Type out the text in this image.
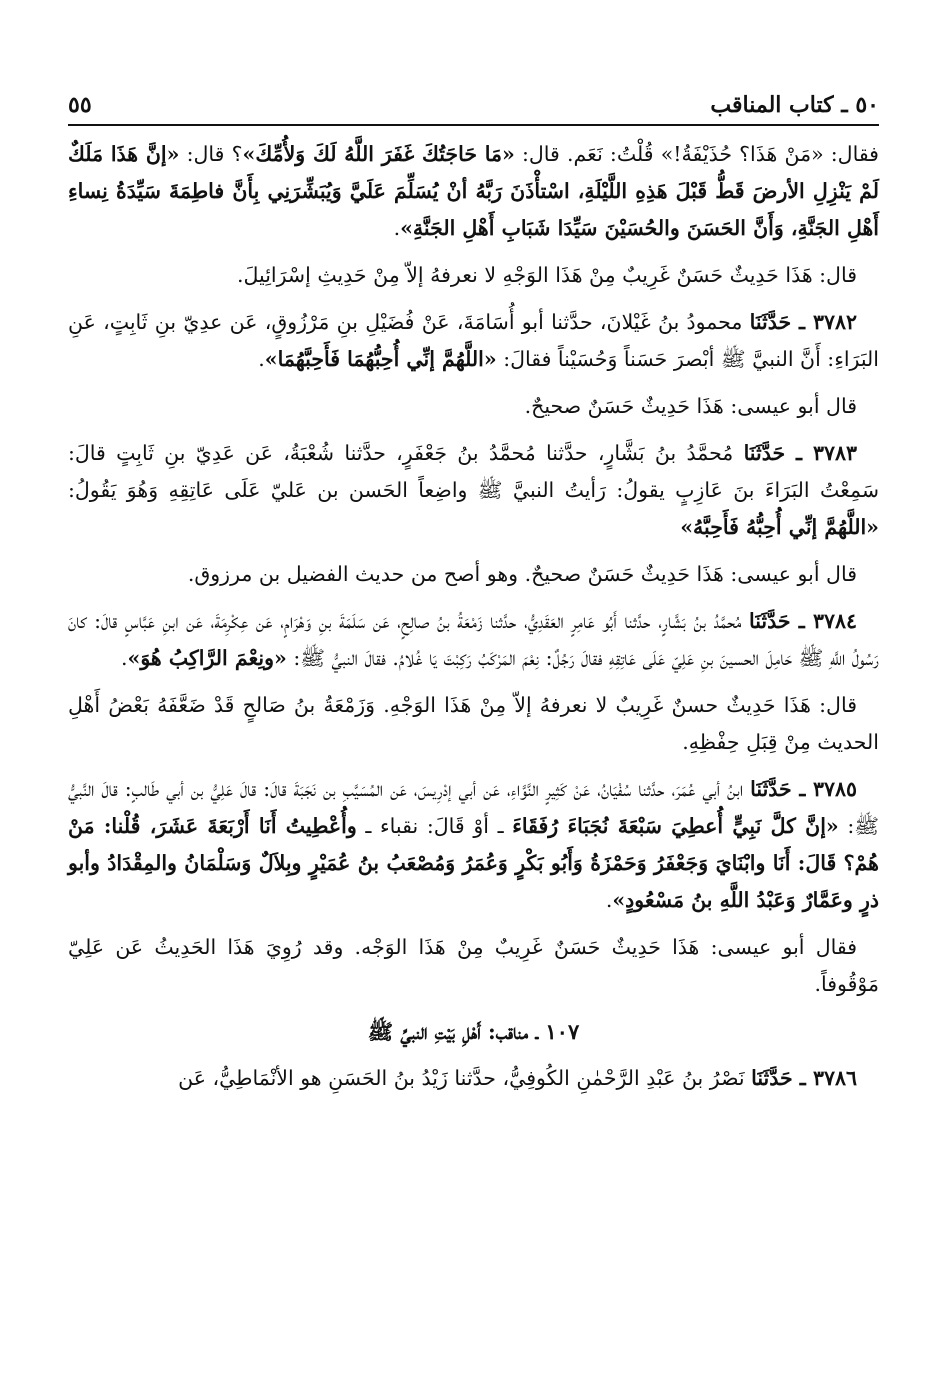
٥٠ ـ كتاب المناقب
٥٥

فقال: «مَنْ هَذَا؟ حُذَيْفَةُ!» قُلْتُ: نَعَم. قال: «مَا حَاجَتُكَ غَفَرَ اللَّهُ لَكَ وَلأُمِّكَ»؟ قال: «إنَّ هَذَا مَلَكٌ لَمْ يَنْزِلِ الأرضَ قَطُّ قَبْلَ هَذِهِ اللَّيْلَةِ، اسْتأْذَنَ رَبَّهُ أنْ يُسَلِّمَ عَلَيَّ وَيُبَشِّرَنِي بِأَنَّ فاطِمَةَ سَيِّدَةُ نِساءِ أَهْلِ الجَنَّةِ، وَأَنَّ الحَسَنَ والحُسَيْنَ سَيِّدَا شَبَابِ أَهْلِ الجَنَّةِ».

قال: هَذَا حَدِيثٌ حَسَنٌ غَرِيبٌ مِنْ هَذَا الوَجْهِ لا نعرفهُ إلاّ مِنْ حَدِيثِ إسْرَائِيلَ.

٣٧٨٢ ـ حَدَّثَنَا محمودُ بنُ غَيْلانَ، حدَّثنا أبو أُسَامَةَ، عَنْ فُضَيْلِ بنِ مَرْزُوقٍ، عَن عدِيّ بنِ ثَابِتٍ، عَنِ البَرَاءِ: أَنَّ النبيَّ ﷺ أبْصرَ حَسَناً وَحُسَيْناً فقالَ: «اللَّهُمَّ إنِّي أُحِبُّهُمَا فَأَحِبَّهُمَا».

قال أبو عيسى: هَذَا حَدِيثٌ حَسَنٌ صحيحٌ.

٣٧٨٣ ـ حَدَّثَنَا مُحمَّدُ بنُ بَشَّارٍ، حدَّثنا مُحمَّدُ بنُ جَعْفَرٍ، حدَّثنا شُعْبَةُ، عَن عَدِيّ بنِ ثَابِتٍ قالَ: سَمِعْتُ البَرَاءَ بنَ عَازِبٍ يقولُ: رَأيتُ النبيَّ ﷺ واضِعاً الحَسن بن عَليّ عَلَى عَاتِقِهِ وَهُوَ يَقُولُ: «اللَّهُمَّ إنِّي أُحِبُّهُ فَأَحِبَّهُ»

قال أبو عيسى: هَذَا حَدِيثٌ حَسَنٌ صحيحٌ. وهو أصح من حديث الفضيل بن مرزوق.

٣٧٨٤ ـ حَدَّثَنَا مُحمَّدُ بنُ بَشَّارٍ، حدَّثنا أَبُو عَامِرٍ العَقَدِيُّ، حدَّثنا زَمْعَةُ بنُ صالِحٍ، عَن سَلَمَةَ بنِ وَهْرَامٍ، عَن عِكْرِمَةَ، عَن ابنِ عَبَّاسٍ قالَ: كانَ رَسُولُ اللَّهِ ﷺ حَامِلَ الحسينَ بنِ عَلِيّ عَلَى عَاتِقِهِ فقالَ رَجُلٌ: نِعْمَ المَرْكَبُ رَكِبْتَ يَا غُلامُ. فقالَ النبيُّ ﷺ: «ونِعْمَ الرَّاكِبُ هُوَ».

قال: هَذَا حَدِيثٌ حسنٌ غَرِيبٌ لا نعرفهُ إلاّ مِنْ هَذَا الوَجْهِ. وَزَمْعَةُ بنُ صَالحٍ قَدْ ضَعَّفَهُ بَعْضُ أَهْلِ الحديث مِنْ قِبَلِ حِفْظِهِ.

٣٧٨٥ ـ حَدَّثَنَا ابنُ أبي عُمَرَ، حدَّثنا سُفْيَانُ، عَنْ كَثِيرٍ النَّوَّاءِ، عَن أبي إدْرِيسَ، عَن المُسَيَّبِ بن نَجَبَةَ قالَ: قالَ عَلِيُّ بن أبي طَالبٍ: قالَ النَّبيُّ ﷺ: «إنَّ كلَّ نَبِيٍّ أُعطِيَ سَبْعَةَ نُجَبَاءَ رُفَقَاءَ ـ أوْ قَالَ: نقباء ـ وأُعْطِيتُ أَنَا أَرْبَعَةَ عَشَرَ، قُلْنا: مَنْ هُمْ؟ قَالَ: أَنَا وابْنَايَ وَجَعْفَرُ وَحَمْزَةُ وَأَبُو بَكْرٍ وَعُمَرُ وَمُصْعَبُ بنُ عُمَيْرٍ وبِلاَلٌ وَسَلْمَانُ والمِقْدَادُ وأبو ذرٍ وعَمَّارٌ وَعَبْدُ اللَّهِ بنُ مَسْعُودٍ».

فقال أبو عيسى: هَذَا حَدِيثٌ حَسَنٌ غَرِيبٌ مِنْ هَذَا الوَجْه. وقد رُوِيَ هَذَا الحَدِيثُ عَن عَلِيّ مَوْقُوفاً.

١٠٧ ـ مناقب: أَهْلِ بَيْتِ النبيِّ ﷺ

٣٧٨٦ ـ حَدَّثَنَا نَصْرُ بنُ عَبْدِ الرَّحْمٰنِ الكُوفِيُّ، حدَّثنا زَيْدُ بنُ الحَسَنِ هو الأنْمَاطِيُّ، عَن
